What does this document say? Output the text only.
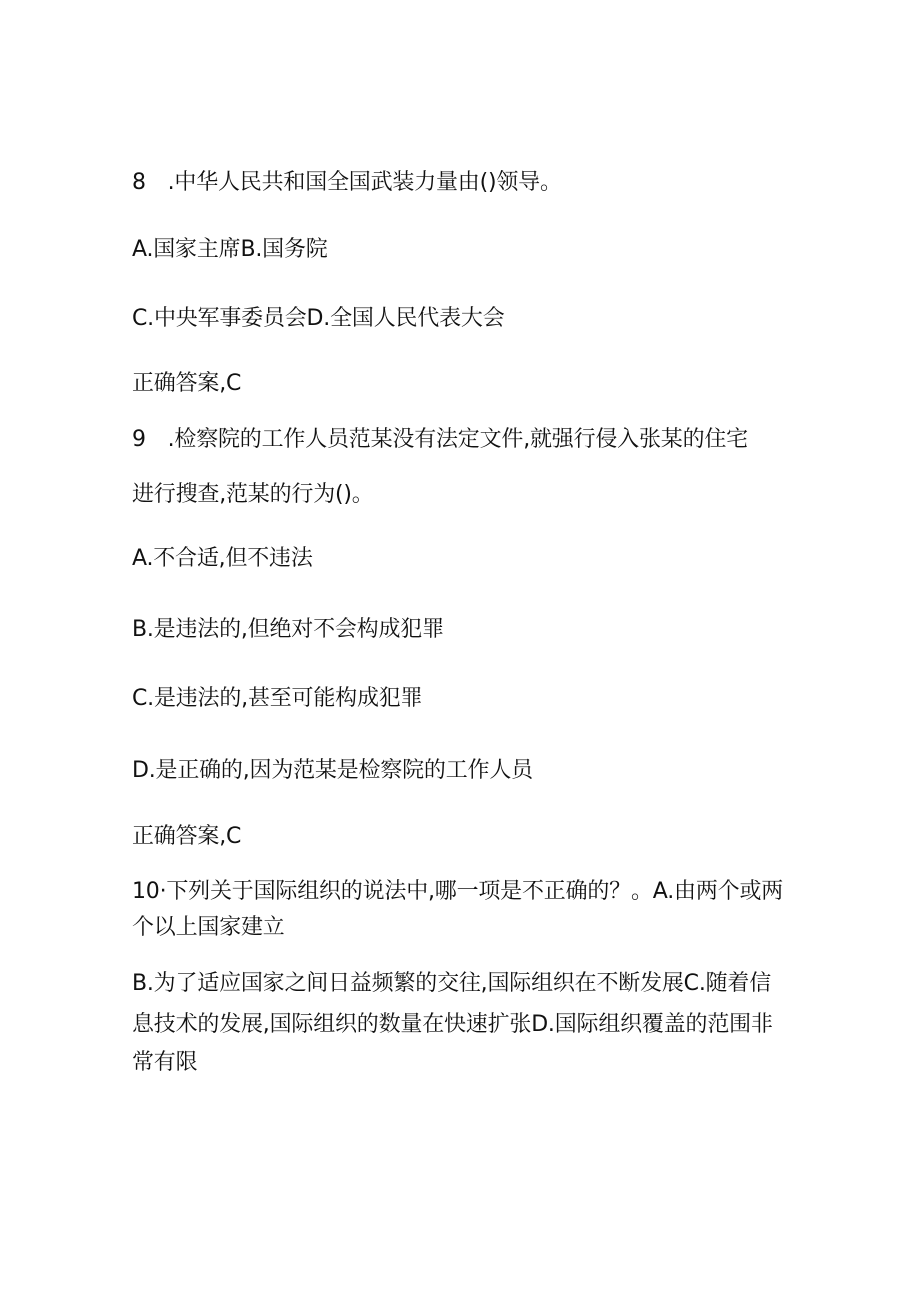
8　.中华人民共和国全国武装力量由()领导。
A.国家主席B.国务院
C.中央军事委员会D.全国人民代表大会
正确答案,C
9　.检察院的工作人员范某没有法定文件,就强行侵入张某的住宅
进行搜查,范某的行为()。
A.不合适,但不违法
B.是违法的,但绝对不会构成犯罪
C.是违法的,甚至可能构成犯罪
D.是正确的,因为范某是检察院的工作人员
正确答案,C
10·下列关于国际组织的说法中,哪一项是不正确的？。A.由两个或两
个以上国家建立
B.为了适应国家之间日益频繁的交往,国际组织在不断发展C.随着信
息技术的发展,国际组织的数量在快速扩张D.国际组织覆盖的范围非
常有限
